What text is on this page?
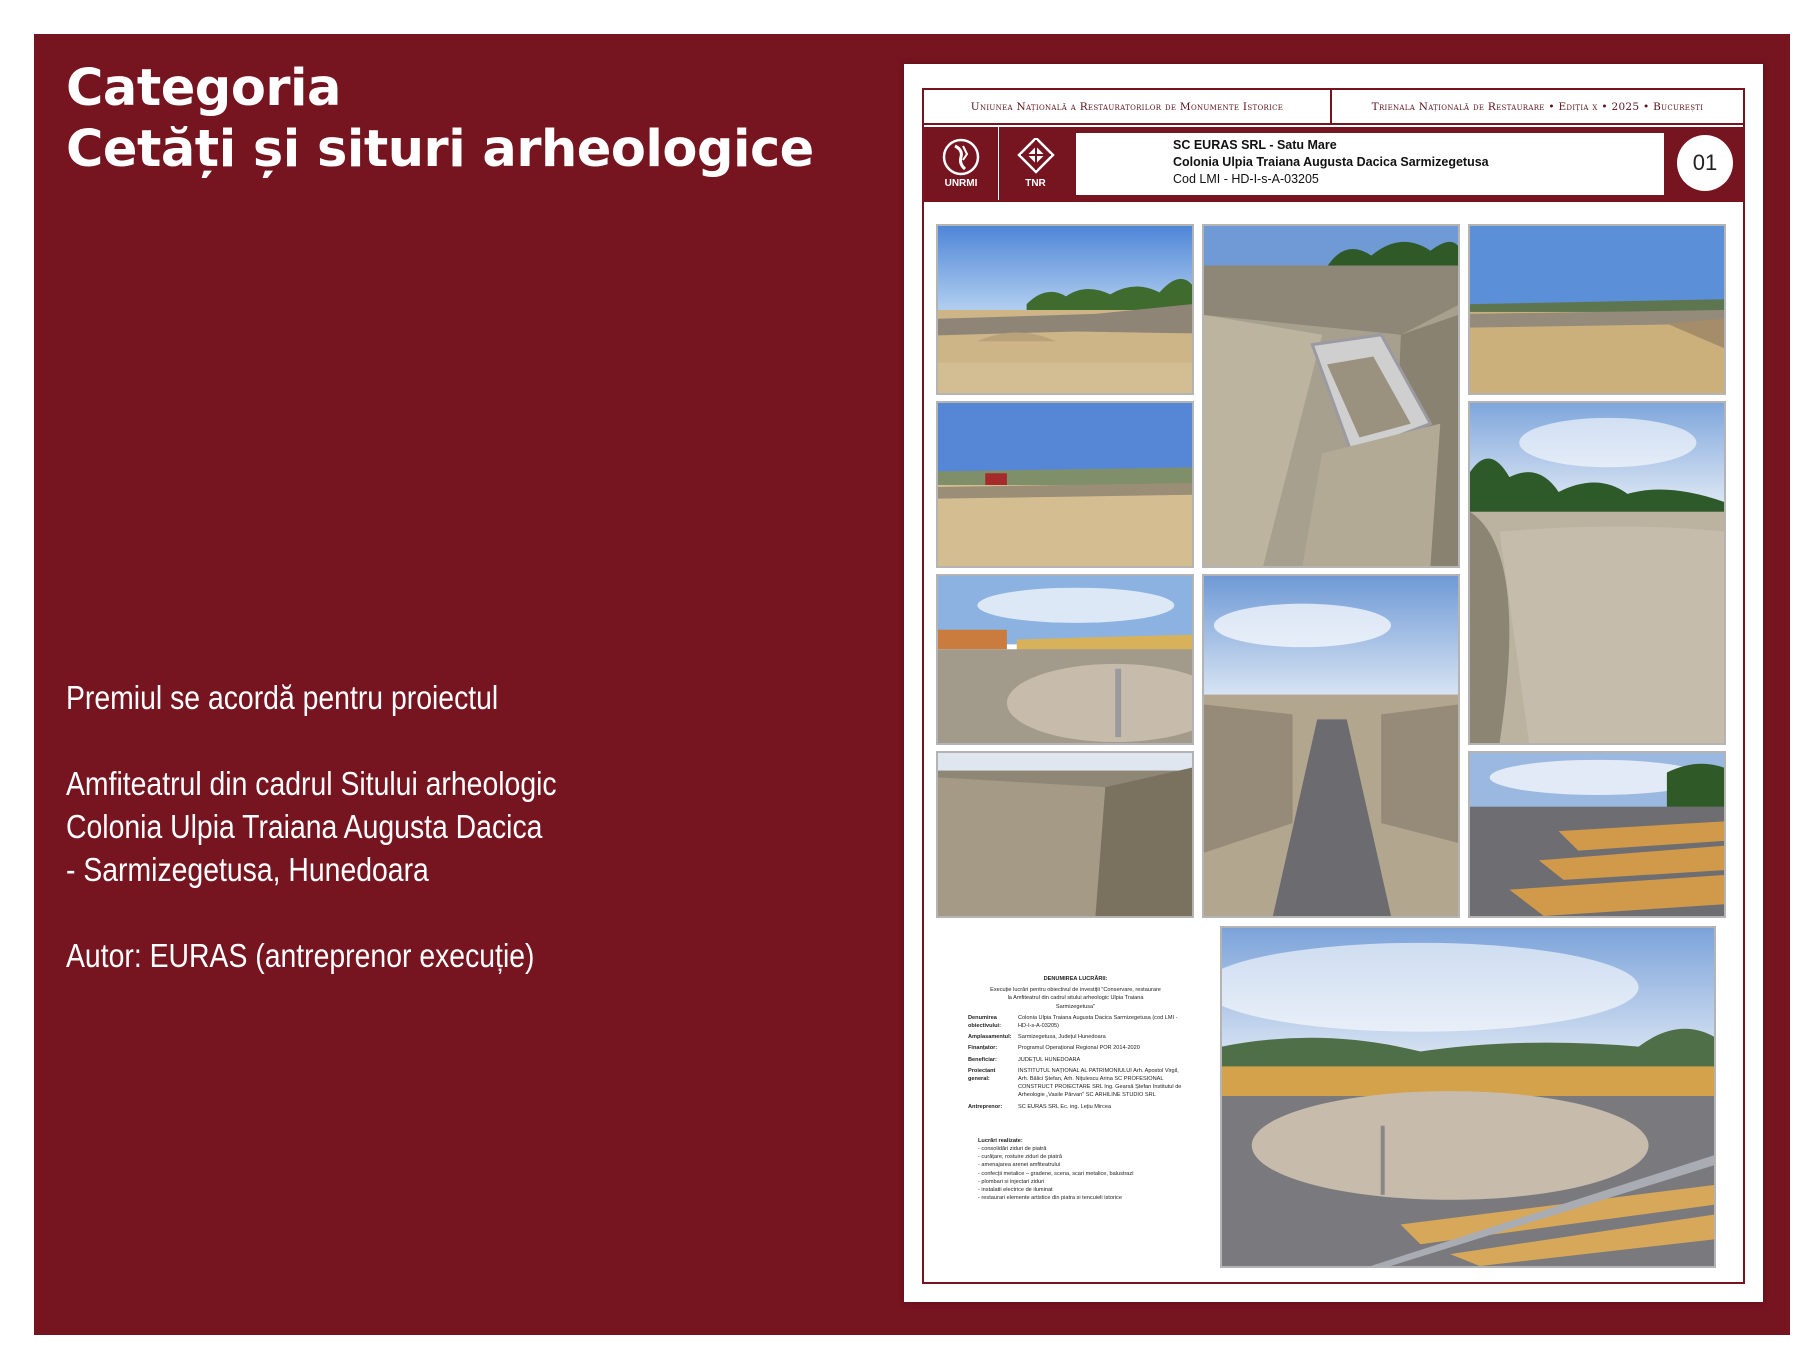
Categoria
Cetăți și situri arheologice
Premiul se acordă pentru proiectul
Amfiteatrul din cadrul Sitului arheologic
Colonia Ulpia Traiana Augusta Dacica
- Sarmizegetusa, Hunedoara
Autor: EURAS (antreprenor execuție)
Uniunea Națională a Restauratorilor de Monumente Istorice	Trienala Națională de Restaurare • Ediția x • 2025 • București
UNRMI	TNR
SC EURAS SRL - Satu Mare
Colonia Ulpia Traiana Augusta Dacica Sarmizegetusa
Cod LMI - HD-I-s-A-03205
01
DENUMIREA LUCRĂRII:
Execuție lucrări pentru obiectivul de investiții "Conservare, restaurare la Amfiteatrul din cadrul sitului arheologic Ulpia Traiana Sarmizegetusa"
Denumirea obiectivului:
Colonia Ulpia Traiana Augusta Dacica Sarmizegetusa (cod LMI - HD-I-s-A-03205)
Amplasamentul:	Sarmizegetusa, Județul Hunedoara
Finanțator:	Programul Operațional Regional POR 2014-2020
Beneficiar:	JUDEȚUL HUNEDOARA
Proiectant general:
INSTITUTUL NAȚIONAL AL PATRIMONIULUI Arh. Apostol Virgil, Arh. Bălici Ștefan, Arh. Nițulescu Arina SC PROFESIONAL CONSTRUCT PROIECTARE SRL Ing. Gearsă Ștefan Institutul de Arheologie „Vasile Pârvan" SC ARHILINE STUDIO SRL
Antreprenor:	SC EURAS SRL Ec. ing. Lețiu Mircea
Lucrări realizate:
- consolidări ziduri de piatră
- curățare, rostuire ziduri de piatră
- amenajarea arenei amfiteatrului
- confecții metalice – gradene, scena, scari metalice, balustrazi
- plombari si injectari ziduri
- instalatii electrice de iluminat
- restaurari elemente artistice din piatra si tencuieli istorice
